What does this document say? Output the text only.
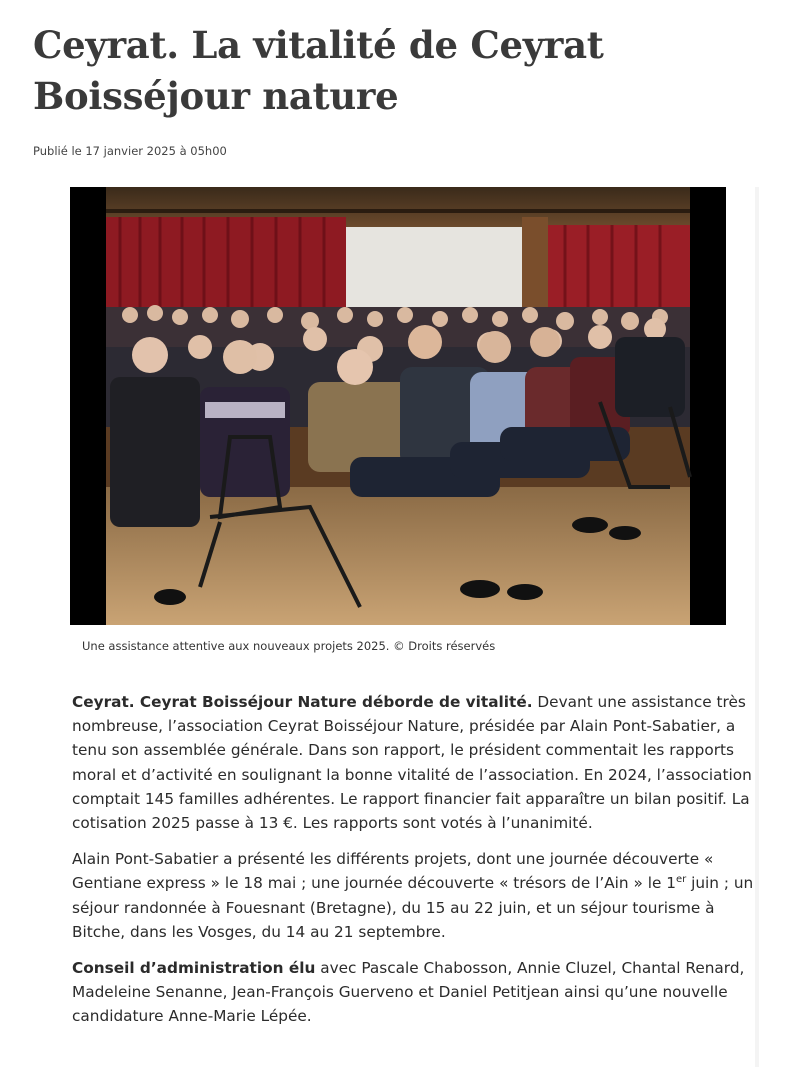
Ceyrat. La vitalité de Ceyrat Boisséjour nature
Publié le 17 janvier 2025 à 05h00
Une assistance attentive aux nouveaux projets 2025. © Droits réservés

Ceyrat. Ceyrat Boisséjour Nature déborde de vitalité. Devant une assistance très nombreuse, l’association Ceyrat Boisséjour Nature, présidée par Alain Pont-Sabatier, a tenu son assemblée générale. Dans son rapport, le président commentait les rapports moral et d’activité en soulignant la bonne vitalité de l’association. En 2024, l’association comptait 145 familles adhérentes. Le rapport financier fait apparaître un bilan positif. La cotisation 2025 passe à 13 €. Les rapports sont votés à l’unanimité.

Alain Pont-Sabatier a présenté les différents projets, dont une journée découverte « Gentiane express » le 18 mai ; une journée découverte « trésors de l’Ain » le 1er juin ; un séjour randonnée à Fouesnant (Bretagne), du 15 au 22 juin, et un séjour tourisme à Bitche, dans les Vosges, du 14 au 21 septembre.

Conseil d’administration élu avec Pascale Chabosson, Annie Cluzel, Chantal Renard, Madeleine Senanne, Jean-François Guerveno et Daniel Petitjean ainsi qu’une nouvelle candidature Anne-Marie Lépée.
